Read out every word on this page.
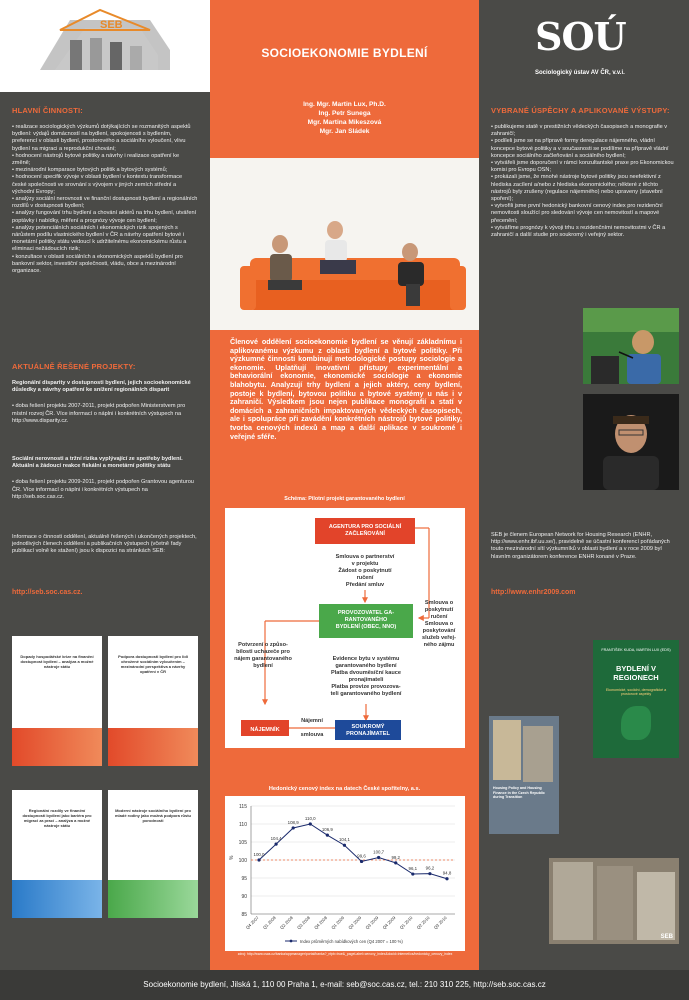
SEB
HLAVNÍ ČINNOSTI:

• realizace sociologických výzkumů dotýkajících se rozmanitých aspektů bydlení: výdajů domácností na bydlení, spokojenosti s bydlením, preferencí v oblasti bydlení, prostorového a sociálního vyloučení, vlivu bydlení na migraci a reprodukční chování;

• hodnocení nástrojů bytové politiky a návrhy i realizace opatření ke změně;

• mezinárodní komparace bytových politik a bytových systémů;

• hodnocení specifik vývoje v oblasti bydlení v kontextu transformace české společnosti ve srovnání s vývojem v jiných zemích střední a východní Evropy;

• analýzy sociální nerovnosti ve finanční dostupnosti bydlení a regionálních rozdílů v dostupnosti bydlení;

• analýzy fungování trhu bydlení a chování aktérů na trhu bydlení, utváření poptávky i nabídky, měření a prognózy vývoje cen bydlení;

• analýzy potenciálních sociálních i ekonomických rizik spojených s nárůstem podílu vlastnického bydlení v ČR a návrhy opatření bytové i monetární politiky státu vedoucí k udržitelnému ekonomickému růstu a eliminaci nežádoucích rizik;

• konzultace v oblasti sociálních a ekonomických aspektů bydlení pro bankovní sektor, investiční společnosti, vládu, obce a mezinárodní organizace.

AKTUÁLNĚ ŘEŠENÉ PROJEKTY:

Regionální disparity v dostupnosti bydlení, jejich socioekonomické důsledky a návrhy opatření ke snížení regionálních disparit

• doba řešení projektu 2007-2011, projekt podpořen Ministerstvem pro místní rozvoj ČR. Více informací o náplni i konkrétních výstupech na http://www.disparity.cz.

Sociální nerovnosti a tržní rizika vyplývající ze spotřeby bydlení. Aktuální a žádoucí reakce fiskální a monetární politiky státu

• doba řešení projektu 2009-2011, projekt podpořen Grantovou agenturou ČR. Více informací o náplni i konkrétních výstupech na http://seb.soc.cas.cz.

Informace o činnosti oddělení, aktuálně řešených i ukončených projektech, jednotlivých členech oddělení a publikačních výstupech (včetně řady publikací volně ke stažení) jsou k dispozici na stránkách SEB:
http://seb.soc.cas.cz.
Dopady hospodářské krize na finanční dostupnost bydlení – analýza a možné nástroje státu
Podpora dostupnosti bydlení pro lidi ohrožené sociálním vyloučením – mezinárodní perspektiva a návrhy opatření v ČR
Regionální rozdíly ve finanční dostupnosti bydlení jako bariéra pro migraci za prací – analýza a možné nástroje státu
Moderní nástroje sociálního bydlení pro mladé rodiny jako možná podpora růstu porodnosti
SOCIOEKONOMIE BYDLENÍ

Ing. Mgr. Martin Lux, Ph.D.

Ing. Petr Sunega

Mgr. Martina Mikeszová

Mgr. Jan Sládek

Členové oddělení socioekonomie bydlení se věnují základnímu i aplikovanému výzkumu z oblasti bydlení a bytové politiky. Při výzkumné činnosti kombinují metodologické postupy sociologie a ekonomie. Uplatňují inovativní přístupy experimentální a behaviorální ekonomie, ekonomické sociologie a ekonomie blahobytu. Analyzují trhy bydlení a jejich aktéry, ceny bydlení, postoje k bydlení, bytovou politiku a bytové systémy u nás i v zahraničí. Výsledkem jsou nejen publikace monografií a statí v domácích a zahraničních impaktovaných vědeckých časopisech, ale i spolupráce při zavádění konkrétních nástrojů bytové politiky, tvorba cenových indexů a map a další aplikace v soukromé i veřejné sféře.
Schéma: Pilotní projekt garantovaného bydlení
AGENTURA PRO SOCIÁLNÍ ZAČLEŇOVÁNÍ
Smlouva o partnerství v projektu Žádost o poskytnutí ručení Předání smluv
PROVOZOVATEL GA-RANTOVANÉHO BYDLENÍ (OBEC, NNO)
Smlouva o poskytnutí ručení Smlouva o poskytování služeb veřej-ného zájmu
Potvrzení o způso-bilosti uchazeče pro nájem garantovaného bydlení
Evidence bytu v systému garantovaného bydlení Platba dvouměsíční kauce pronajímateli Platba provize provozova-teli garantovaného bydlení
NÁJEMNÍK
Nájemní smlouva
SOUKROMÝ PRONAJÍMATEL
Hedonický cenový index na datech České spořitelny, a.s.
85
90
95
100
105
110
115
%
100,0
104,4
108,9
110,0
106,9
104,1
99,6
100,7
99,2
96,1 96,2
94,8
Q4 2007 Q1 2008 Q2 2008 Q3 2008 Q4 2008 Q1 2009 Q2 2009 Q3 2009 Q4 2009 Q1 2010 Q2 2010 Q3 2010
Index průměrných nabídkových cen (Q4 2007 = 100 %)
zdroj: http://www.csas.cz/banka/appmanager/portal/banka?_nfpb=true&_pageLabel=cenovy_index&docid=internet/cs/hedonicky_cenovy_index
SOÚ
Sociologický ústav AV ČR, v.v.i.
VYBRANÉ ÚSPĚCHY A APLIKOVANÉ VÝSTUPY:

• publikujeme statě v prestižních vědeckých časopisech a monografie v zahraničí;

• podíleli jsme se na přípravě formy deregulace nájemného, vládní koncepce bytové politiky a v současnosti se podílíme na přípravě vládní koncepce sociálního začleňování a sociálního bydlení;

• vytvářeli jsme doporučení v rámci konzultantské praxe pro Ekonomickou komisi pro Evropu OSN;

• prokázali jsme, že mnohé nástroje bytové politiky jsou neefektivní z hlediska zacílení a/nebo z hlediska ekonomického; některé z těchto nástrojů byly zrušeny (regulace nájemného) nebo upraveny (stavební spoření);

• vytvořili jsme první hedonický bankovní cenový index pro rezidenční nemovitosti sloužící pro sledování vývoje cen nemovitostí a mapové přecenění;

• vytváříme prognózy k vývoji trhu s rezidenčními nemovitostmi v ČR a zahraničí a další studie pro soukromý i veřejný sektor.

SEB je členem European Network for Housing Research (ENHR, http://www.enhr.ibf.uu.se/), pravidelně se účastní konferencí pořádaných touto mezinárodní sítí výzkumníků v oblasti bydlení a v roce 2009 byl hlavním organizátorem konference ENHR konané v Praze.
http://www.enhr2009.com
FRANTIŠEK KUDA, MARTIN LUX (EDS)
BYDLENÍ V REGIONECH
Ekonomické, sociální, demografické a prostorové aspekty
Housing Policy and Housing Finance in the Czech Republic during Transition
SEB
Socioekonomie bydlení, Jilská 1, 110 00 Praha 1, e-mail: seb@soc.cas.cz, tel.: 210 310 225, http://seb.soc.cas.cz
